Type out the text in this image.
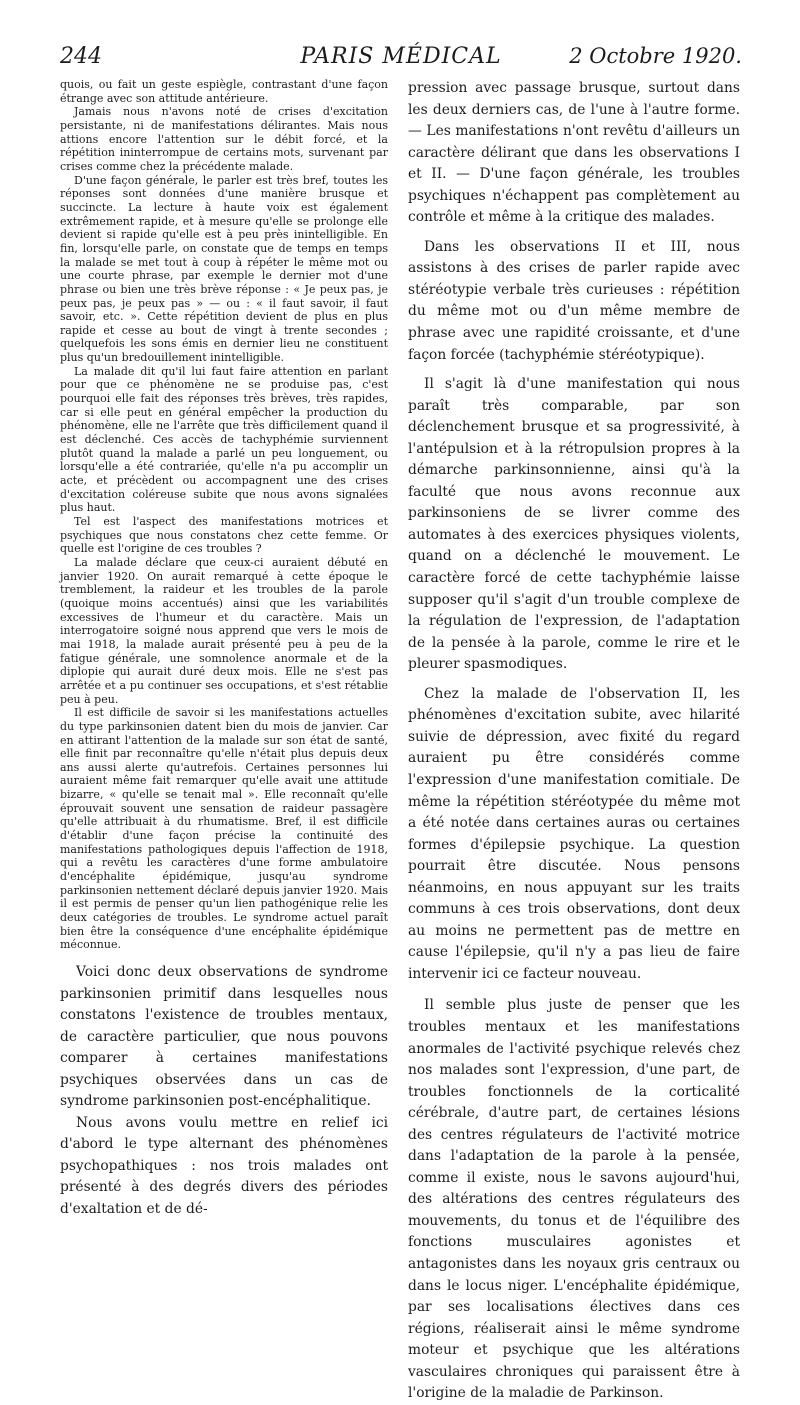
244	PARIS MÉDICAL	2 Octobre 1920.

quois, ou fait un geste espiègle, contrastant d'une façon étrange avec son attitude antérieure.

Jamais nous n'avons noté de crises d'excitation persistante, ni de manifestations délirantes. Mais nous attions encore l'attention sur le débit forcé, et la répétition ininterrompue de certains mots, survenant par crises comme chez la précédente malade.

D'une façon générale, le parler est très bref, toutes les réponses sont données d'une manière brusque et succincte. La lecture à haute voix est également extrêmement rapide, et à mesure qu'elle se prolonge elle devient si rapide qu'elle est à peu près inintelligible. En fin, lorsqu'elle parle, on constate que de temps en temps la malade se met tout à coup à répéter le même mot ou une courte phrase, par exemple le dernier mot d'une phrase ou bien une très brève réponse : « Je peux pas, je peux pas, je peux pas » — ou : « il faut savoir, il faut savoir, etc. ». Cette répétition devient de plus en plus rapide et cesse au bout de vingt à trente secondes ; quelquefois les sons émis en dernier lieu ne constituent plus qu'un bredouillement inintelligible.

La malade dit qu'il lui faut faire attention en parlant pour que ce phénomène ne se produise pas, c'est pourquoi elle fait des réponses très brèves, très rapides, car si elle peut en général empêcher la production du phénomène, elle ne l'arrête que très difficilement quand il est déclenché. Ces accès de tachyphémie surviennent plutôt quand la malade a parlé un peu longuement, ou lorsqu'elle a été contrariée, qu'elle n'a pu accomplir un acte, et précèdent ou accompagnent une des crises d'excitation coléreuse subite que nous avons signalées plus haut.

Tel est l'aspect des manifestations motrices et psychiques que nous constatons chez cette femme. Or quelle est l'origine de ces troubles ?

La malade déclare que ceux-ci auraient débuté en janvier 1920. On aurait remarqué à cette époque le tremblement, la raideur et les troubles de la parole (quoique moins accentués) ainsi que les variabilités excessives de l'humeur et du caractère. Mais un interrogatoire soigné nous apprend que vers le mois de mai 1918, la malade aurait présenté peu à peu de la fatigue générale, une somnolence anormale et de la diplopie qui aurait duré deux mois. Elle ne s'est pas arrêtée et a pu continuer ses occupations, et s'est rétablie peu à peu.

Il est difficile de savoir si les manifestations actuelles du type parkinsonien datent bien du mois de janvier. Car en attirant l'attention de la malade sur son état de santé, elle finit par reconnaître qu'elle n'était plus depuis deux ans aussi alerte qu'autrefois. Certaines personnes lui auraient même fait remarquer qu'elle avait une attitude bizarre, « qu'elle se tenait mal ». Elle reconnaît qu'elle éprouvait souvent une sensation de raideur passagère qu'elle attribuait à du rhumatisme. Bref, il est difficile d'établir d'une façon précise la continuité des manifestations pathologiques depuis l'affection de 1918, qui a revêtu les caractères d'une forme ambulatoire d'encéphalite épidémique, jusqu'au syndrome parkinsonien nettement déclaré depuis janvier 1920. Mais il est permis de penser qu'un lien pathogénique relie les deux catégories de troubles. Le syndrome actuel paraît bien être la conséquence d'une encéphalite épidémique méconnue.

Voici donc deux observations de syndrome parkinsonien primitif dans lesquelles nous constatons l'existence de troubles mentaux, de caractère particulier, que nous pouvons comparer à certaines manifestations psychiques observées dans un cas de syndrome parkinsonien post-encéphalitique.

Nous avons voulu mettre en relief ici d'abord le type alternant des phénomènes psychopathiques : nos trois malades ont présenté à des degrés divers des périodes d'exaltation et de dé-

pression avec passage brusque, surtout dans les deux derniers cas, de l'une à l'autre forme.— Les manifestations n'ont revêtu d'ailleurs un caractère délirant que dans les observations I et II. — D'une façon générale, les troubles psychiques n'échappent pas complètement au contrôle et même à la critique des malades.

Dans les observations II et III, nous assistons à des crises de parler rapide avec stéréotypie verbale très curieuses : répétition du même mot ou d'un même membre de phrase avec une rapidité croissante, et d'une façon forcée (tachyphémie stéréotypique).

Il s'agit là d'une manifestation qui nous paraît très comparable, par son déclenchement brusque et sa progressivité, à l'antépulsion et à la rétropulsion propres à la démarche parkinsonnienne, ainsi qu'à la faculté que nous avons reconnue aux parkinsoniens de se livrer comme des automates à des exercices physiques violents, quand on a déclenché le mouvement. Le caractère forcé de cette tachyphémie laisse supposer qu'il s'agit d'un trouble complexe de la régulation de l'expression, de l'adaptation de la pensée à la parole, comme le rire et le pleurer spasmodiques.

Chez la malade de l'observation II, les phénomènes d'excitation subite, avec hilarité suivie de dépression, avec fixité du regard auraient pu être considérés comme l'expression d'une manifestation comitiale. De même la répétition stéréotypée du même mot a été notée dans certaines auras ou certaines formes d'épilepsie psychique. La question pourrait être discutée. Nous pensons néanmoins, en nous appuyant sur les traits communs à ces trois observations, dont deux au moins ne permettent pas de mettre en cause l'épilepsie, qu'il n'y a pas lieu de faire intervenir ici ce facteur nouveau.

Il semble plus juste de penser que les troubles mentaux et les manifestations anormales de l'activité psychique relevés chez nos malades sont l'expression, d'une part, de troubles fonctionnels de la corticalité cérébrale, d'autre part, de certaines lésions des centres régulateurs de l'activité motrice dans l'adaptation de la parole à la pensée, comme il existe, nous le savons aujourd'hui, des altérations des centres régulateurs des mouvements, du tonus et de l'équilibre des fonctions musculaires agonistes et antagonistes dans les noyaux gris centraux ou dans le locus niger. L'encéphalite épidémique, par ses localisations électives dans ces régions, réaliserait ainsi le même syndrome moteur et psychique que les altérations vasculaires chroniques qui paraissent être à l'origine de la maladie de Parkinson.
